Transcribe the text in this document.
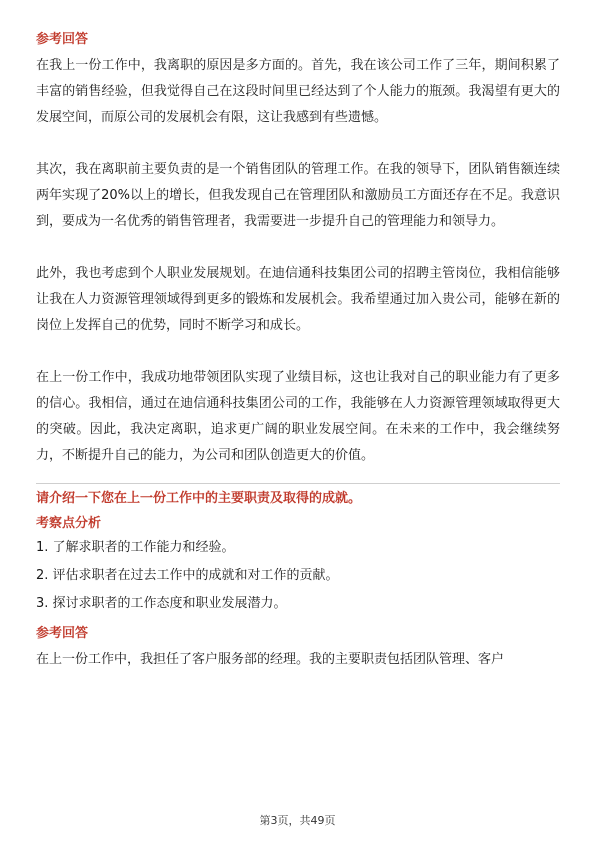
参考回答

在我上一份工作中，我离职的原因是多方面的。首先，我在该公司工作了三年，期间积累了丰富的销售经验，但我觉得自己在这段时间里已经达到了个人能力的瓶颈。我渴望有更大的发展空间，而原公司的发展机会有限，这让我感到有些遗憾。

其次，我在离职前主要负责的是一个销售团队的管理工作。在我的领导下，团队销售额连续两年实现了20%以上的增长，但我发现自己在管理团队和激励员工方面还存在不足。我意识到，要成为一名优秀的销售管理者，我需要进一步提升自己的管理能力和领导力。

此外，我也考虑到个人职业发展规划。在迪信通科技集团公司的招聘主管岗位，我相信能够让我在人力资源管理领域得到更多的锻炼和发展机会。我希望通过加入贵公司，能够在新的岗位上发挥自己的优势，同时不断学习和成长。

在上一份工作中，我成功地带领团队实现了业绩目标，这也让我对自己的职业能力有了更多的信心。我相信，通过在迪信通科技集团公司的工作，我能够在人力资源管理领域取得更大的突破。因此，我决定离职，追求更广阔的职业发展空间。在未来的工作中，我会继续努力，不断提升自己的能力，为公司和团队创造更大的价值。

请介绍一下您在上一份工作中的主要职责及取得的成就。
考察点分析
1. 了解求职者的工作能力和经验。
2. 评估求职者在过去工作中的成就和对工作的贡献。
3. 探讨求职者的工作态度和职业发展潜力。
参考回答

在上一份工作中，我担任了客户服务部的经理。我的主要职责包括团队管理、客户

第3页，共49页
